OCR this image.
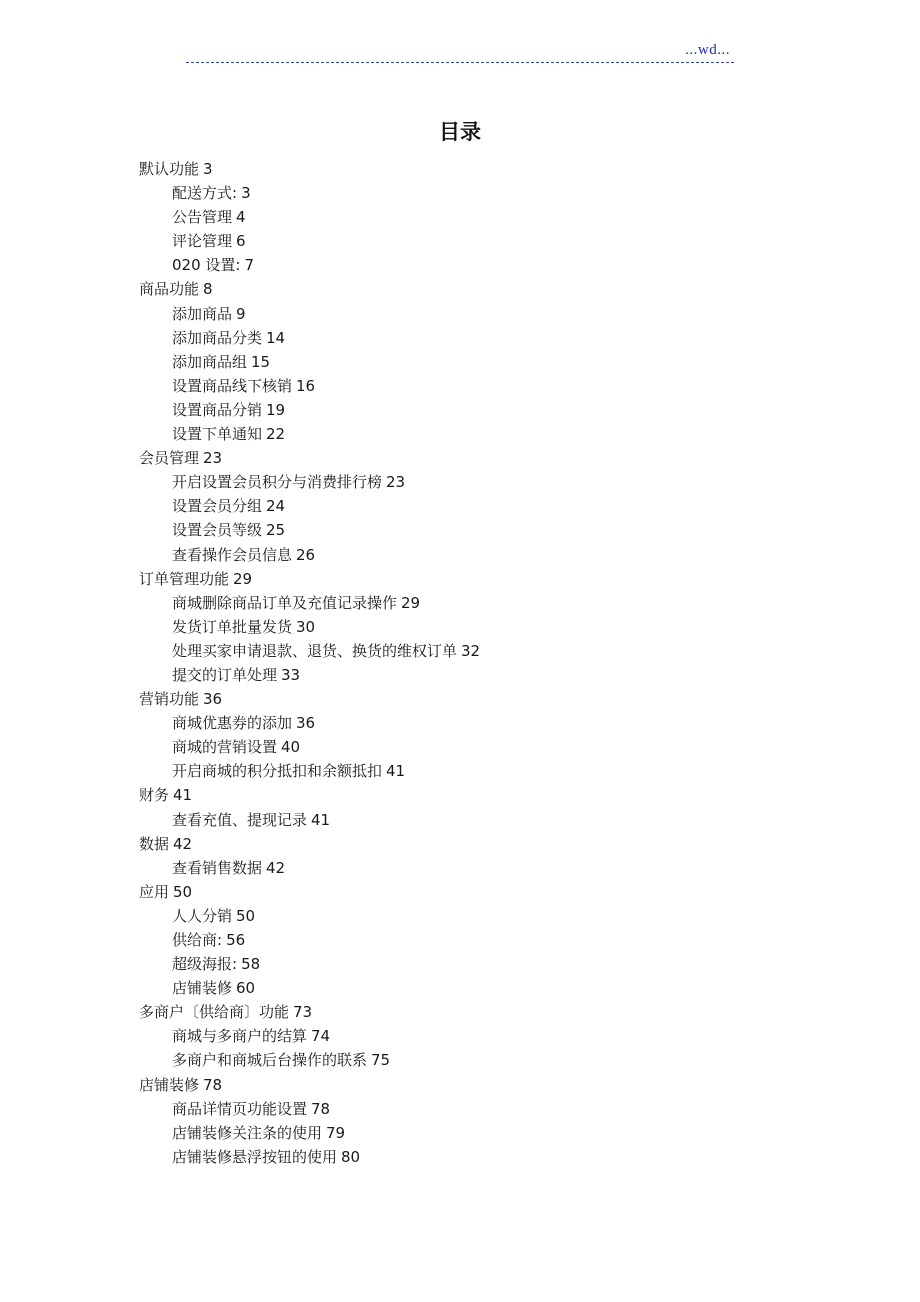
...wd...
目录
默认功能 3
配送方式: 3
公告管理 4
评论管理 6
020 设置: 7
商品功能 8
添加商品 9
添加商品分类 14
添加商品组 15
设置商品线下核销 16
设置商品分销 19
设置下单通知 22
会员管理 23
开启设置会员积分与消费排行榜 23
设置会员分组 24
设置会员等级 25
查看操作会员信息 26
订单管理功能 29
商城删除商品订单及充值记录操作 29
发货订单批量发货 30
处理买家申请退款、退货、换货的维权订单 32
提交的订单处理 33
营销功能 36
商城优惠券的添加 36
商城的营销设置 40
开启商城的积分抵扣和余额抵扣 41
财务 41
查看充值、提现记录 41
数据 42
查看销售数据 42
应用 50
人人分销 50
供给商: 56
超级海报: 58
店铺装修 60
多商户〔供给商〕功能 73
商城与多商户的结算 74
多商户和商城后台操作的联系 75
店铺装修 78
商品详情页功能设置 78
店铺装修关注条的使用 79
店铺装修悬浮按钮的使用 80
